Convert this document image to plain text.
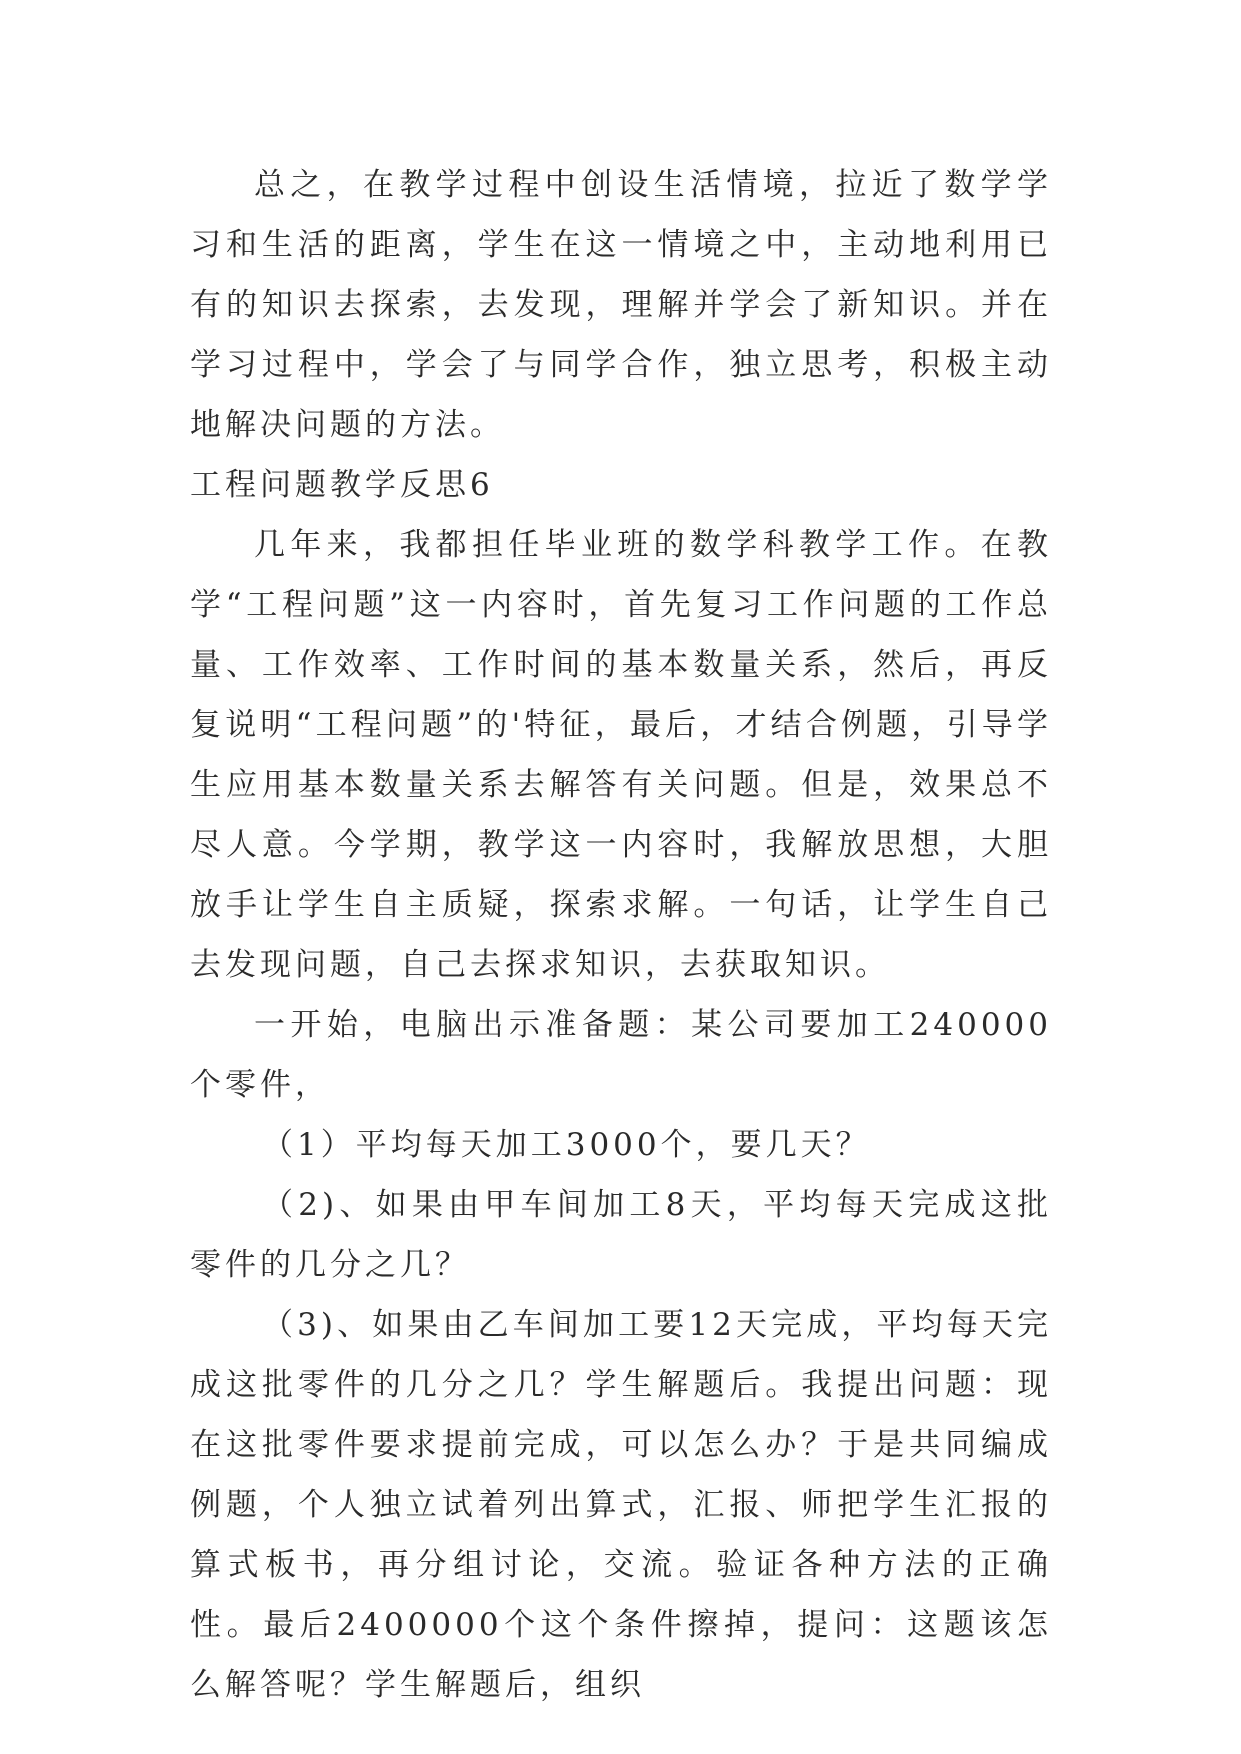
总之，在教学过程中创设生活情境，拉近了数学学习和生活的距离，学生在这一情境之中，主动地利用已有的知识去探索，去发现，理解并学会了新知识。并在学习过程中，学会了与同学合作，独立思考，积极主动地解决问题的方法。

工程问题教学反思6

几年来，我都担任毕业班的数学科教学工作。在教学“工程问题”这一内容时，首先复习工作问题的工作总量、工作效率、工作时间的基本数量关系，然后，再反复说明“工程问题”的'特征，最后，才结合例题，引导学生应用基本数量关系去解答有关问题。但是，效果总不尽人意。今学期，教学这一内容时，我解放思想，大胆放手让学生自主质疑，探索求解。一句话，让学生自己去发现问题，自己去探求知识，去获取知识。

一开始，电脑出示准备题：某公司要加工240000个零件，

（1）平均每天加工3000个，要几天？

（2)、如果由甲车间加工8天，平均每天完成这批零件的几分之几？

（3)、如果由乙车间加工要12天完成，平均每天完成这批零件的几分之几？学生解题后。我提出问题：现在这批零件要求提前完成，可以怎么办？于是共同编成例题，个人独立试着列出算式，汇报、师把学生汇报的算式板书，再分组讨论，交流。验证各种方法的正确性。最后2400000个这个条件擦掉，提问：这题该怎么解答呢？学生解题后，组织
